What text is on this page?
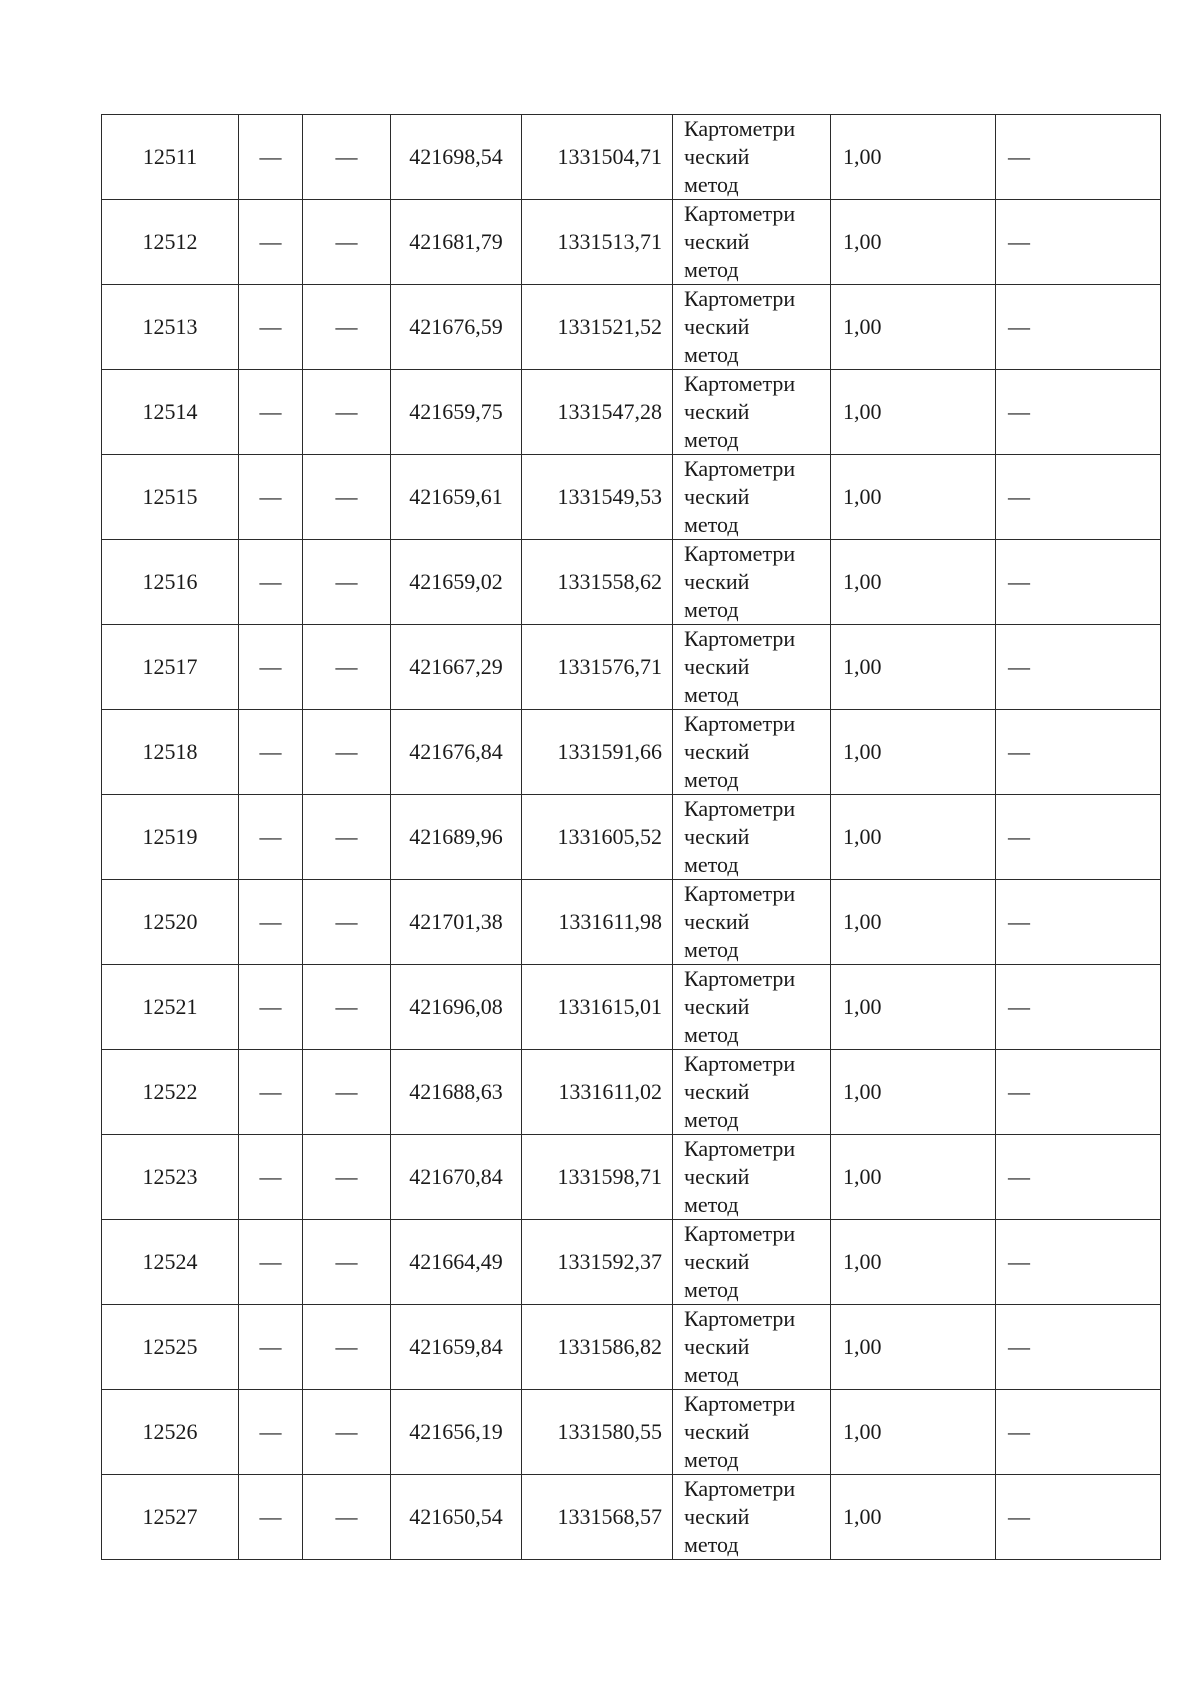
12511	—	—	421698,54	1331504,71	Картометри
ческий
метод	1,00	—
12512	—	—	421681,79	1331513,71	Картометри
ческий
метод	1,00	—
12513	—	—	421676,59	1331521,52	Картометри
ческий
метод	1,00	—
12514	—	—	421659,75	1331547,28	Картометри
ческий
метод	1,00	—
12515	—	—	421659,61	1331549,53	Картометри
ческий
метод	1,00	—
12516	—	—	421659,02	1331558,62	Картометри
ческий
метод	1,00	—
12517	—	—	421667,29	1331576,71	Картометри
ческий
метод	1,00	—
12518	—	—	421676,84	1331591,66	Картометри
ческий
метод	1,00	—
12519	—	—	421689,96	1331605,52	Картометри
ческий
метод	1,00	—
12520	—	—	421701,38	1331611,98	Картометри
ческий
метод	1,00	—
12521	—	—	421696,08	1331615,01	Картометри
ческий
метод	1,00	—
12522	—	—	421688,63	1331611,02	Картометри
ческий
метод	1,00	—
12523	—	—	421670,84	1331598,71	Картометри
ческий
метод	1,00	—
12524	—	—	421664,49	1331592,37	Картометри
ческий
метод	1,00	—
12525	—	—	421659,84	1331586,82	Картометри
ческий
метод	1,00	—
12526	—	—	421656,19	1331580,55	Картометри
ческий
метод	1,00	—
12527	—	—	421650,54	1331568,57	Картометри
ческий
метод	1,00	—
